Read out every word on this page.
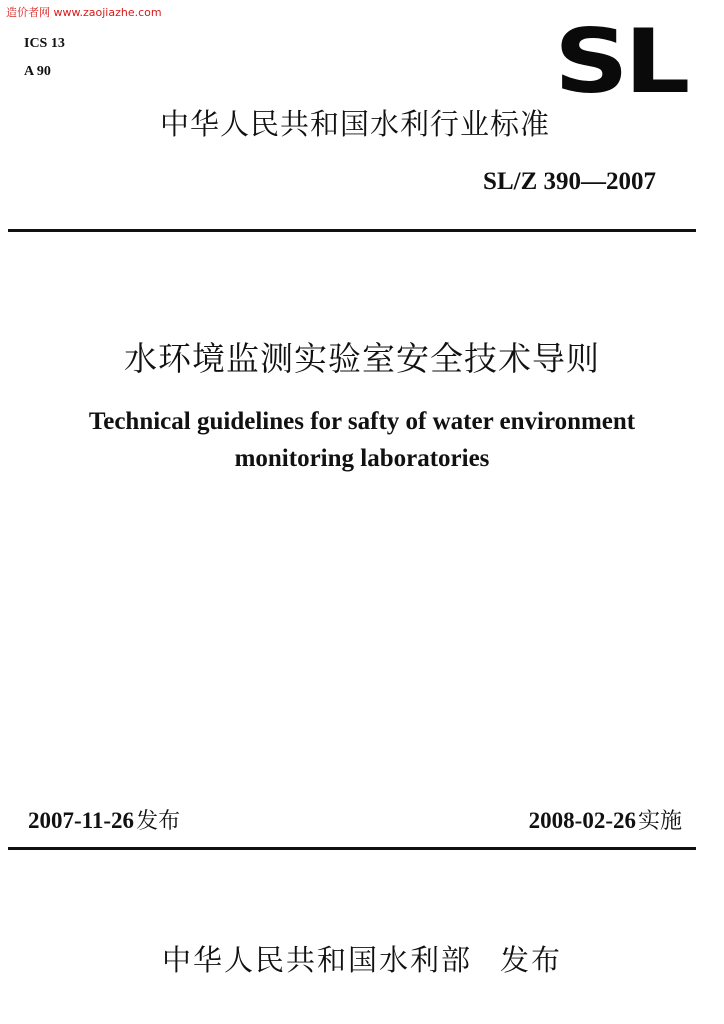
造价者网 www.zaojiazhe.com
ICS 13
A 90	SL
中华人民共和国水利行业标准
SL/Z 390—2007
水环境监测实验室安全技术导则
Technical guidelines for safty of water environment
monitoring laboratories
2007-11-26发布	2008-02-26实施
中华人民共和国水利部 发布
